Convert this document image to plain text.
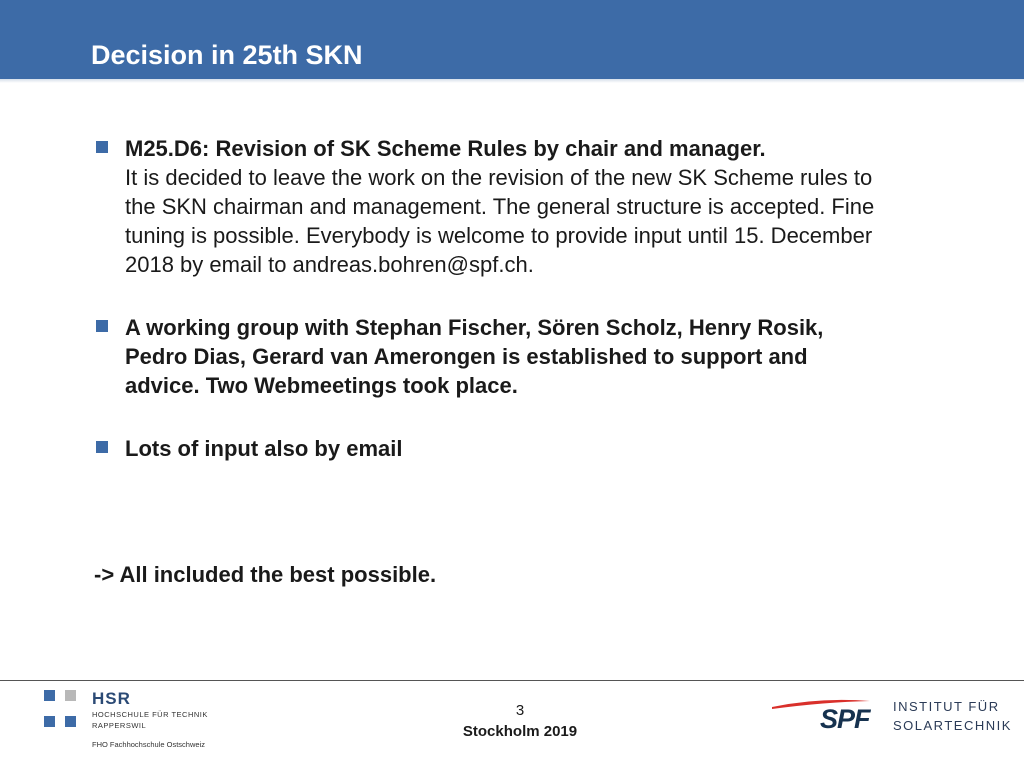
Decision in 25th SKN
M25.D6: Revision of SK Scheme Rules by chair and manager.
It is decided to leave the work on the revision of the new SK Scheme rules to
the SKN chairman and management. The general structure is accepted. Fine
tuning is possible. Everybody is welcome to provide input until 15. December
2018 by email to andreas.bohren@spf.ch.
A working group with Stephan Fischer, Sören Scholz, Henry Rosik,
Pedro Dias, Gerard van Amerongen is established to support and
advice. Two Webmeetings took place.
Lots of input also by email
-> All included the best possible.
HSR
HOCHSCHULE FÜR TECHNIK
RAPPERSWIL
FHO Fachhochschule Ostschweiz
3
Stockholm 2019	SPF INSTITUT FÜR
SOLARTECHNIK
